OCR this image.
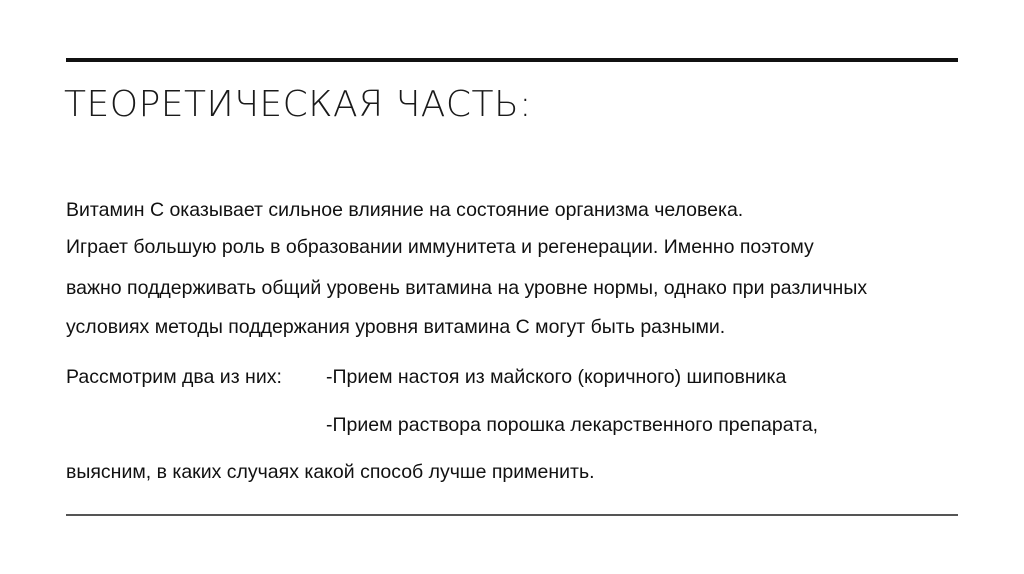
ТЕОРЕТИЧЕСКАЯ ЧАСТЬ:
Витамин С оказывает сильное влияние на состояние организма человека.
Играет большую роль в образовании иммунитета и регенерации. Именно поэтому
важно поддерживать общий уровень витамина на уровне нормы, однако при различных
условиях методы поддержания уровня витамина С могут быть разными.
Рассмотрим два из них: -Прием настоя из майского (коричного) шиповника
-Прием раствора порошка лекарственного препарата,
выясним, в каких случаях какой способ лучше применить.
